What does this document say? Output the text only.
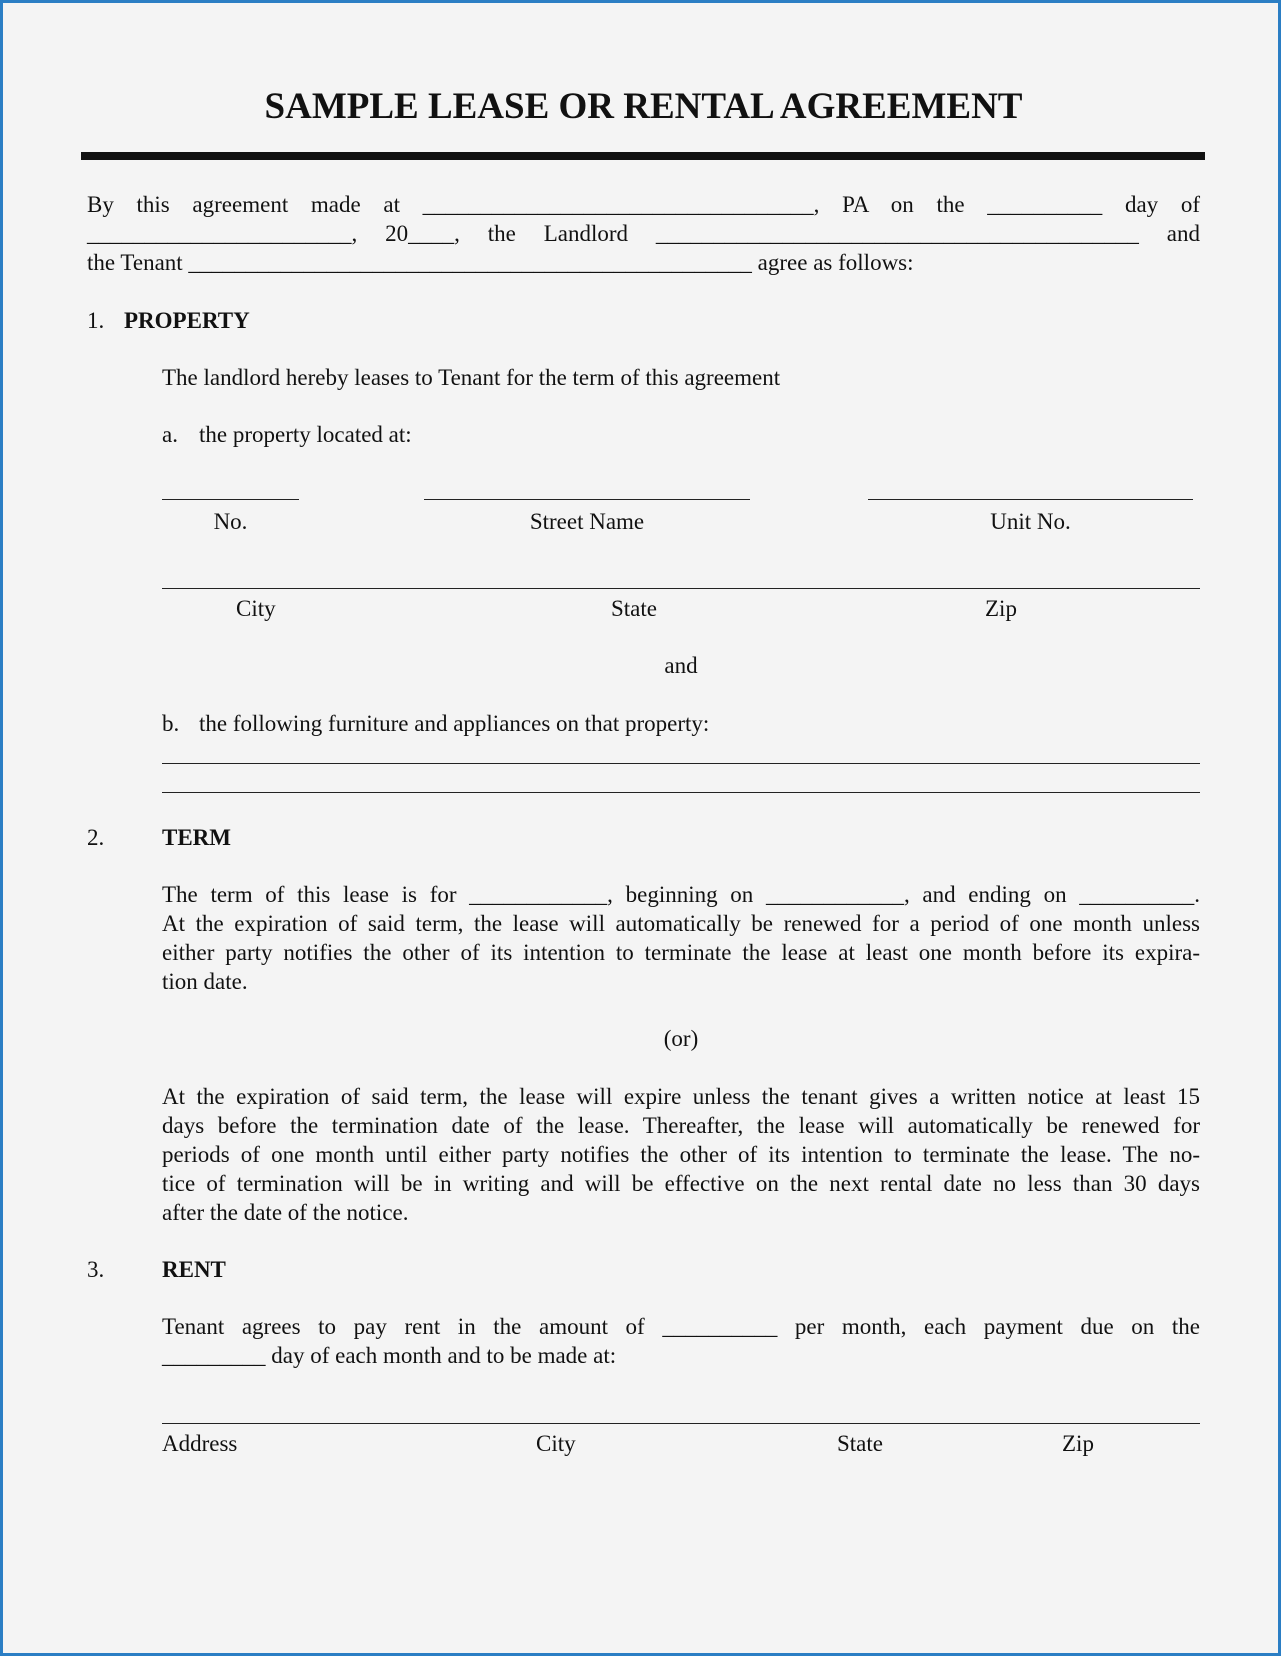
SAMPLE LEASE OR RENTAL AGREEMENT
By this agreement made at __________________________________, PA on the __________ day of
_______________________, 20____, the Landlord __________________________________________ and
the Tenant _________________________________________________ agree as follows:
1. PROPERTY
The landlord hereby leases to Tenant for the term of this agreement
a. the property located at:
No.	Street Name	Unit No.
City	State	Zip
and
b. the following furniture and appliances on that property:
2.	TERM
The term of this lease is for ____________, beginning on ____________, and ending on __________.
At the expiration of said term, the lease will automatically be renewed for a period of one month unless
either party notifies the other of its intention to terminate the lease at least one month before its expira-
tion date.
(or)
At the expiration of said term, the lease will expire unless the tenant gives a written notice at least 15
days before the termination date of the lease. Thereafter, the lease will automatically be renewed for
periods of one month until either party notifies the other of its intention to terminate the lease. The no-
tice of termination will be in writing and will be effective on the next rental date no less than 30 days
after the date of the notice.
3.	RENT
Tenant agrees to pay rent in the amount of __________ per month, each payment due on the
_________ day of each month and to be made at:
Address	City	State	Zip
